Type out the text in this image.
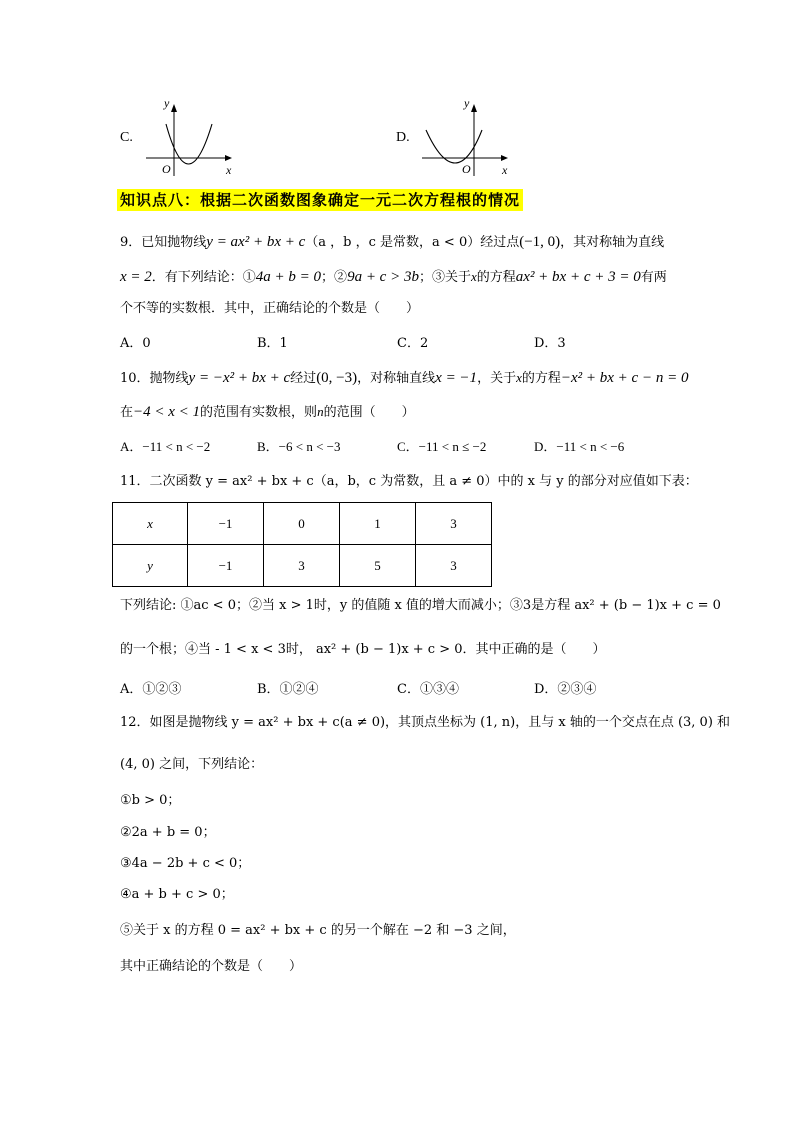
C.
y
x
O
D.
y
x
O
知识点八：根据二次函数图象确定一元二次方程根的情况
9．已知抛物线y = ax² + bx + c（a ，b ，c 是常数，a < 0）经过点(−1, 0)，其对称轴为直线
x = 2．有下列结论：①4a + b = 0；②9a + c > 3b；③关于x的方程ax² + bx + c + 3 = 0有两
个不等的实数根．其中，正确结论的个数是（　　）
A．0	B．1	C．2	D．3
10．抛物线y = −x² + bx + c经过(0, −3)，对称轴直线x = −1，关于x的方程−x² + bx + c − n = 0
在−4 < x < 1的范围有实数根，则n的范围（　　）
A．−11 < n < −2	B．−6 < n < −3	C．−11 < n ≤ −2	D．−11 < n < −6
11．二次函数 y = ax² + bx + c（a，b，c 为常数，且 a ≠ 0）中的 x 与 y 的部分对应值如下表：
x	−1	0	1	3
y	−1	3	5	3
下列结论: ①ac < 0；②当 x > 1时，y 的值随 x 值的增大而减小；③3是方程 ax² + (b − 1)x + c = 0
的一个根；④当 - 1 < x < 3时， ax² + (b − 1)x + c > 0．其中正确的是（　　）
A．①②③	B．①②④	C．①③④	D．②③④
12．如图是抛物线 y = ax² + bx + c(a ≠ 0)，其顶点坐标为 (1, n)，且与 x 轴的一个交点在点 (3, 0) 和
(4, 0) 之间，下列结论：
①b > 0；
②2a + b = 0；
③4a − 2b + c < 0；
④a + b + c > 0；
⑤关于 x 的方程 0 = ax² + bx + c 的另一个解在 −2 和 −3 之间，
其中正确结论的个数是（　　）
